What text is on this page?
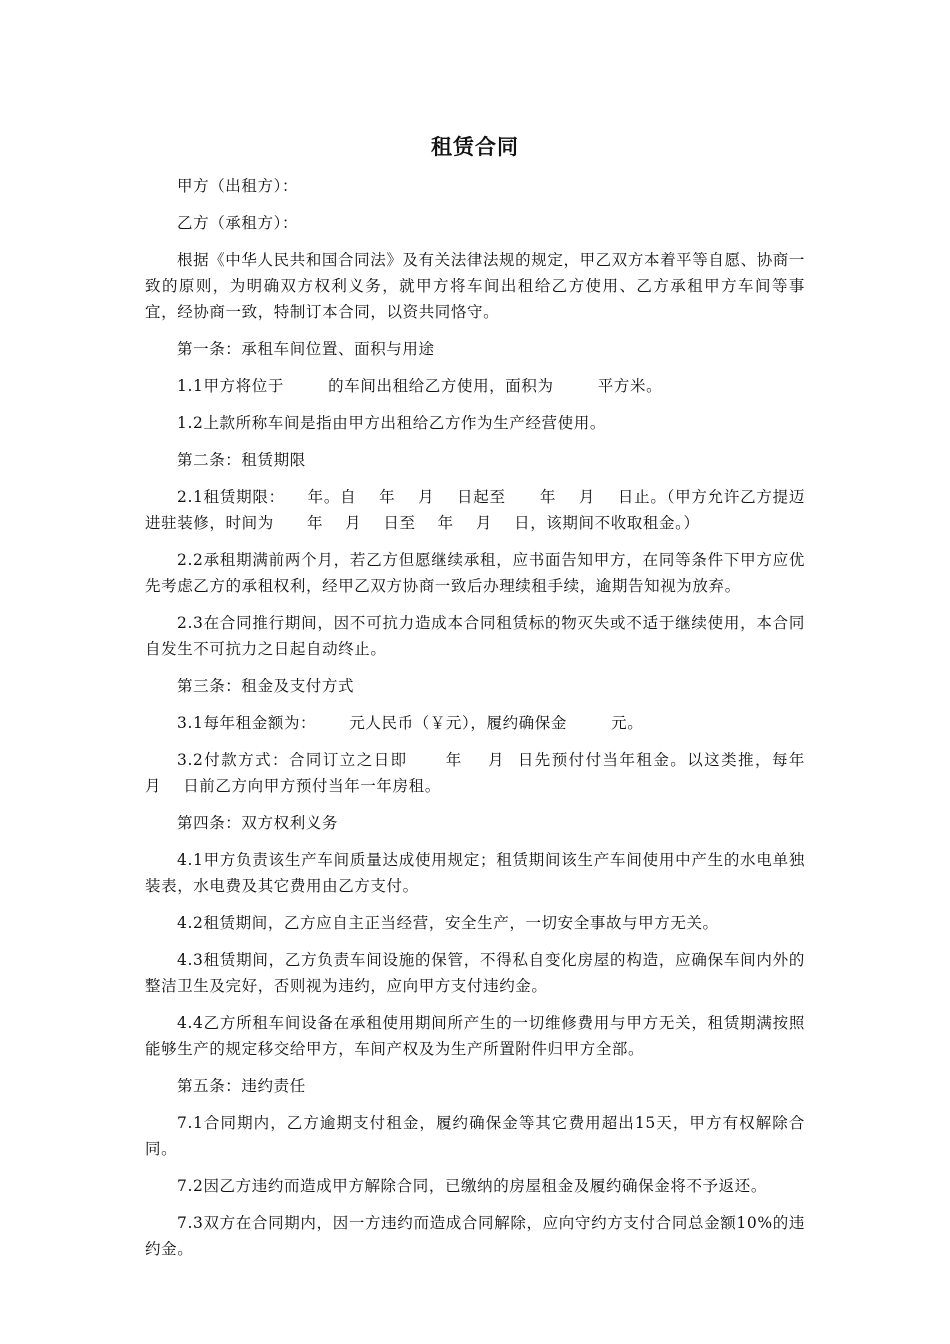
租赁合同

甲方（出租方）：

乙方（承租方）：

根据《中华人民共和国合同法》及有关法律法规的规定，甲乙双方本着平等自愿、协商一致的原则，为明确双方权利义务，就甲方将车间出租给乙方使用、乙方承租甲方车间等事宜，经协商一致，特制订本合同，以资共同恪守。

第一条：承租车间位置、面积与用途

1.1甲方将位于        的车间出租给乙方使用，面积为        平方米。

1.2上款所称车间是指由甲方出租给乙方作为生产经营使用。

第二条：租赁期限

2.1租赁期限：    年。自    年    月    日起至      年    月    日止。（甲方允许乙方提迈进驻装修，时间为      年    月    日至    年    月    日，该期间不收取租金。）

2.2承租期满前两个月，若乙方但愿继续承租，应书面告知甲方，在同等条件下甲方应优先考虑乙方的承租权利，经甲乙双方协商一致后办理续租手续，逾期告知视为放弃。

2.3在合同推行期间，因不可抗力造成本合同租赁标的物灭失或不适于继续使用，本合同自发生不可抗力之日起自动终止。

第三条：租金及支付方式

3.1每年租金额为：      元人民币（￥元），履约确保金        元。

3.2付款方式：合同订立之日即      年    月  日先预付付当年租金。以这类推，每年    月    日前乙方向甲方预付当年一年房租。

第四条：双方权利义务

4.1甲方负责该生产车间质量达成使用规定；租赁期间该生产车间使用中产生的水电单独装表，水电费及其它费用由乙方支付。

4.2租赁期间，乙方应自主正当经营，安全生产，一切安全事故与甲方无关。

4.3租赁期间，乙方负责车间设施的保管，不得私自变化房屋的构造，应确保车间内外的整洁卫生及完好，否则视为违约，应向甲方支付违约金。

4.4乙方所租车间设备在承租使用期间所产生的一切维修费用与甲方无关，租赁期满按照能够生产的规定移交给甲方，车间产权及为生产所置附件归甲方全部。

第五条：违约责任

7.1合同期内，乙方逾期支付租金，履约确保金等其它费用超出15天，甲方有权解除合同。

7.2因乙方违约而造成甲方解除合同，已缴纳的房屋租金及履约确保金将不予返还。

7.3双方在合同期内，因一方违约而造成合同解除，应向守约方支付合同总金额10%的违约金。
